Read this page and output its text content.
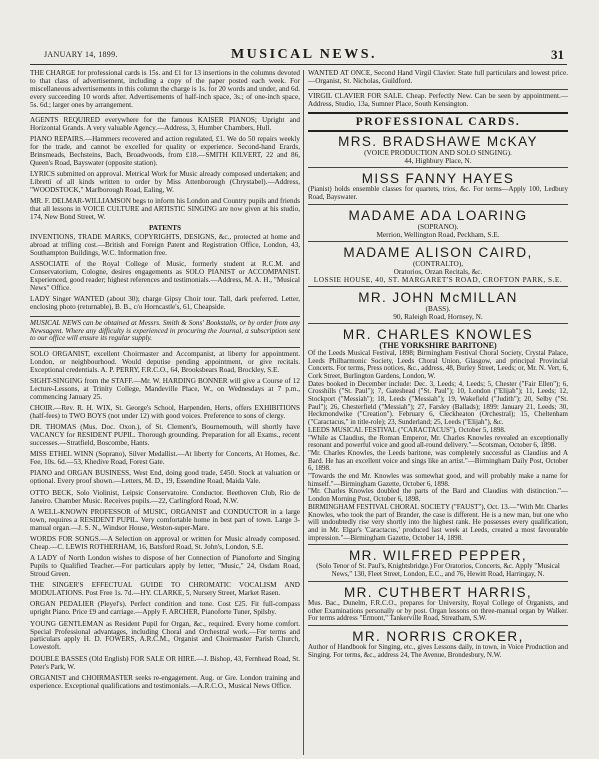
JANUARY 14, 1899.	MUSICAL NEWS.	31

THE CHARGE for professional cards is 15s. and £1 for 13 insertions in the columns devoted to that class of advertisement, including a copy of the paper posted each week. For miscellaneous advertisements in this column the charge is 1s. for 20 words and under, and 6d. every succeeding 10 words after. Advertisements of half-inch space, 3s.; of one-inch space, 5s. 6d.; larger ones by arrangement.

AGENTS REQUIRED everywhere for the famous KAISER PIANOS; Upright and Horizontal Grands. A very valuable Agency.—Address, 3, Humber Chambers, Hull.

PIANO REPAIRS.—Hammers recovered and action regulated, £1. We do 50 repairs weekly for the trade, and cannot be excelled for quality or experience. Second-hand Erards, Brinsmeads, Bechsteins, Bach, Broadwoods, from £18.—SMITH KILVERT, 22 and 86, Queen's Road, Bayswater (opposite station).

LYRICS submitted on approval. Metrical Work for Music already composed undertaken; and Librettì of all kinds written to order by Miss Attenborough (Chrystabel).—Address, "WOODSTOCK," Marlborough Road, Ealing, W.

MR. F. DELMAR-WILLIAMSON begs to inform his London and Country pupils and friends that all lessons in VOICE CULTURE and ARTISTIC SINGING are now given at his studio, 174, New Bond Street, W.

PATENTS

INVENTIONS, TRADE MARKS, COPYRIGHTS, DESIGNS, &c., protected at home and abroad at trifling cost.—British and Foreign Patent and Registration Office, London, 43, Southampton Buildings, W.C. Information free.

ASSOCIATE of the Royal College of Music, formerly student at R.C.M. and Conservatorium, Cologne, desires engagements as SOLO PIANIST or ACCOMPANIST. Experienced, good reader; highest references and testimonials.—Address, M. A. H., "Musical News" Office.

LADY Singer WANTED (about 30); charge Gipsy Choir tour. Tall, dark preferred. Letter, enclosing photo (returnable), B. B., c/o Horncastle's, 61, Cheapside.

MUSICAL NEWS can be obtained at Messrs. Smith & Sons' Bookstalls, or by order from any Newsagent. Where any difficulty is experienced in procuring the Journal, a subscription sent to our office will ensure its regular supply.

SOLO ORGANIST, excellent Choirmaster and Accompanist, at liberty for appointment. London, or neighbourhood. Would deputise pending appointment, or give recitals. Exceptional credentials. A. P. PERRY, F.R.C.O., 64, Brooksbears Road, Brockley, S.E.

SIGHT-SINGING from the STAFF.—Mr. W. HARDING BONNER will give a Course of 12 Lecture-Lessons, at Trinity College, Mandeville Place, W., on Wednesdays at 7 p.m., commencing January 25.

CHOIR.—Rev. R. H. WIX, St. George's School, Harpenden, Herts, offers EXHIBITIONS (half-fees) to TWO BOYS (not under 12) with good voices. Preference to sons of clergy.

DR. THOMAS (Mus. Doc. Oxon.), of St. Clement's, Bournemouth, will shortly have VACANCY for RESIDENT PUPIL. Thorough grounding. Preparation for all Exams., recent successes.—Stratfield, Boscombe, Hants.

MISS ETHEL WINN (Soprano), Silver Medallist.—At liberty for Concerts, At Homes, &c. Fee, 10s. 6d.—53, Khedive Road, Forest Gate.

PIANO and ORGAN BUSINESS, West End, doing good trade, £450. Stock at valuation or optional. Every proof shown.—Letters, M. D., 19, Essendine Road, Maida Vale.

OTTO BECK, Solo Violinist, Leipsic Conservatoire. Conductor. Beethoven Club, Rio de Janeiro. Chamber Music. Receives pupils.—22, Carlingford Road, N.W.

A WELL-KNOWN PROFESSOR of MUSIC, ORGANIST and CONDUCTOR in a large town, requires a RESIDENT PUPIL. Very comfortable home in best part of town. Large 3-manual organ.—J. S. N., Windsor House, Weston-super-Mare.

WORDS FOR SONGS.—A Selection on approval or written for Music already composed. Cheap.—C. LEWIS ROTHERHAM, 16, Batsford Road, St. John's, London, S.E.

A LADY of North London wishes to dispose of her Connection of Pianoforte and Singing Pupils to Qualified Teacher.—For particulars apply by letter, "Music," 24, Osdam Road, Stroud Green.

THE SINGER'S EFFECTUAL GUIDE TO CHROMATIC VOCALISM AND MODULATIONS. Post Free 1s. 7d.—HY. CLARKE, 5, Nursery Street, Market Rasen.

ORGAN PEDALIER (Pleyel's). Perfect condition and tone. Cost £25. Fit full-compass upright Piano. Price £9 and carriage.—Apply F. ARCHER, Pianoforte Tuner, Spilsby.

YOUNG GENTLEMAN as Resident Pupil for Organ, &c., required. Every home comfort. Special Professional advantages, including Choral and Orchestral work.—For terms and particulars apply H. D. FOWERS, A.R.C.M., Organist and Choirmaster Parish Church, Lowestoft.

DOUBLE BASSES (Old English) FOR SALE OR HIRE.—J. Bishop, 43, Fernhead Road, St. Peter's Park, W.

ORGANIST and CHOIRMASTER seeks re-engagement. Aug. or Gre. London training and experience. Exceptional qualifications and testimonials.—A.R.C.O., Musical News Office.

WANTED AT ONCE, Second Hand Virgil Clavier. State full particulars and lowest price.—Organist, St. Nicholas, Guildford.

VIRGIL CLAVIER FOR SALE. Cheap. Perfectly New. Can be seen by appointment.—Address, Studio, 13a, Sumner Place, South Kensington.

PROFESSIONAL CARDS.
MRS. BRADSHAWE McKAY
(VOICE PRODUCTION AND SOLO SINGING).
44, Highbury Place, N.
MISS FANNY HAYES
(Pianist) holds ensemble classes for quartets, trios, &c. For terms—Apply 100, Ledbury Road, Bayswater.
MADAME ADA LOARING
(SOPRANO).
Merrion, Wellington Road, Peckham, S.E.
MADAME ALISON CAIRD,
(CONTRALTO),
Oratorios, Orzan Recitals, &c.
LOSSIE HOUSE, 40, ST. MARGARET'S ROAD, CROFTON PARK, S.E.
MR. JOHN McMILLAN
(BASS).
90, Raleigh Road, Hornsey, N.
MR. CHARLES KNOWLES
(THE YORKSHIRE BARITONE)
Of the Leeds Musical Festival, 1898; Birmingham Festival Choral Society, Crystal Palace, Leeds Philharmonic Society, Leeds Choral Union, Glasgow, and principal Provincial Concerts. For terms, Press notices, &c., address, 48, Burley Street, Leeds; or, Mr. N. Vert, 6, Cork Street, Burlington Gardens, London, W.
Dates booked in December include: Dec. 3, Leeds; 4, Leeds; 5, Chester ("Fair Ellen"); 6, Crosshills ("St. Paul"); 7, Gateshead ("St. Paul"); 10, London ("Elijah"); 11, Leeds; 12, Stockport ("Messiah"); 18, Leeds ("Messiah"); 19, Wakefield ("Judith"); 20, Selby ("St. Paul"); 26, Chesterfield ("Messiah"); 27, Farsley (Ballads); 1899: January 21, Leeds; 30, Heckmondwike ("Creation"). February 6, Cleckheaton (Orchestral); 15, Cheltenham ("Caractacus," in title-role); 23, Sunderland; 25, Leeds ("Elijah"), &c.
LEEDS MUSICAL FESTIVAL ("CARACTACUS"), October 5, 1898.
"While as Claudius, the Roman Emperor, Mr. Charles Knowles revealed an exceptionally resonant and powerful voice and good all-round delivery."—Scotsman, October 6, 1898.
"Mr. Charles Knowles, the Leeds baritone, was completely successful as Claudius and A Bard. He has an excellent voice and sings like an artist."—Birmingham Daily Post, October 6, 1898.
"Towards the end Mr. Knowles was somewhat good, and will probably make a name for himself."—Birmingham Gazette, October 6, 1898.
"Mr. Charles Knowles doubled the parts of the Bard and Claudius with distinction."—London Morning Post, October 6, 1898.
BIRMINGHAM FESTIVAL CHORAL SOCIETY ("FAUST"), Oct. 13.—"With Mr. Charles Knowles, who took the part of Brander, the case is different. He is a new man, but one who will undoubtedly rise very shortly into the highest rank. He possesses every qualification, and in Mr. Elgar's 'Caractacus,' produced last week at Leeds, created a most favourable impression."—Birmingham Gazette, October 14, 1898.
MR. WILFRED PEPPER,
(Solo Tenor of St. Paul's, Knightsbridge.) For Oratorios, Concerts, &c. Apply "Musical News," 130, Fleet Street, London, E.C., and 76, Hewitt Road, Harringay, N.
MR. CUTHBERT HARRIS,
Mus. Bac., Dunelm, F.R.C.O., prepares for University, Royal College of Organists, and other Examinations personally or by post. Organ lessons on three-manual organ by Walker. For terms address "Ermont," Tankerville Road, Streatham, S.W.
MR. NORRIS CROKER,
Author of Handbook for Singing, etc., gives Lessons daily, in town, in Voice Production and Singing. For terms, &c., address 24, The Avenue, Brondesbury, N.W.
